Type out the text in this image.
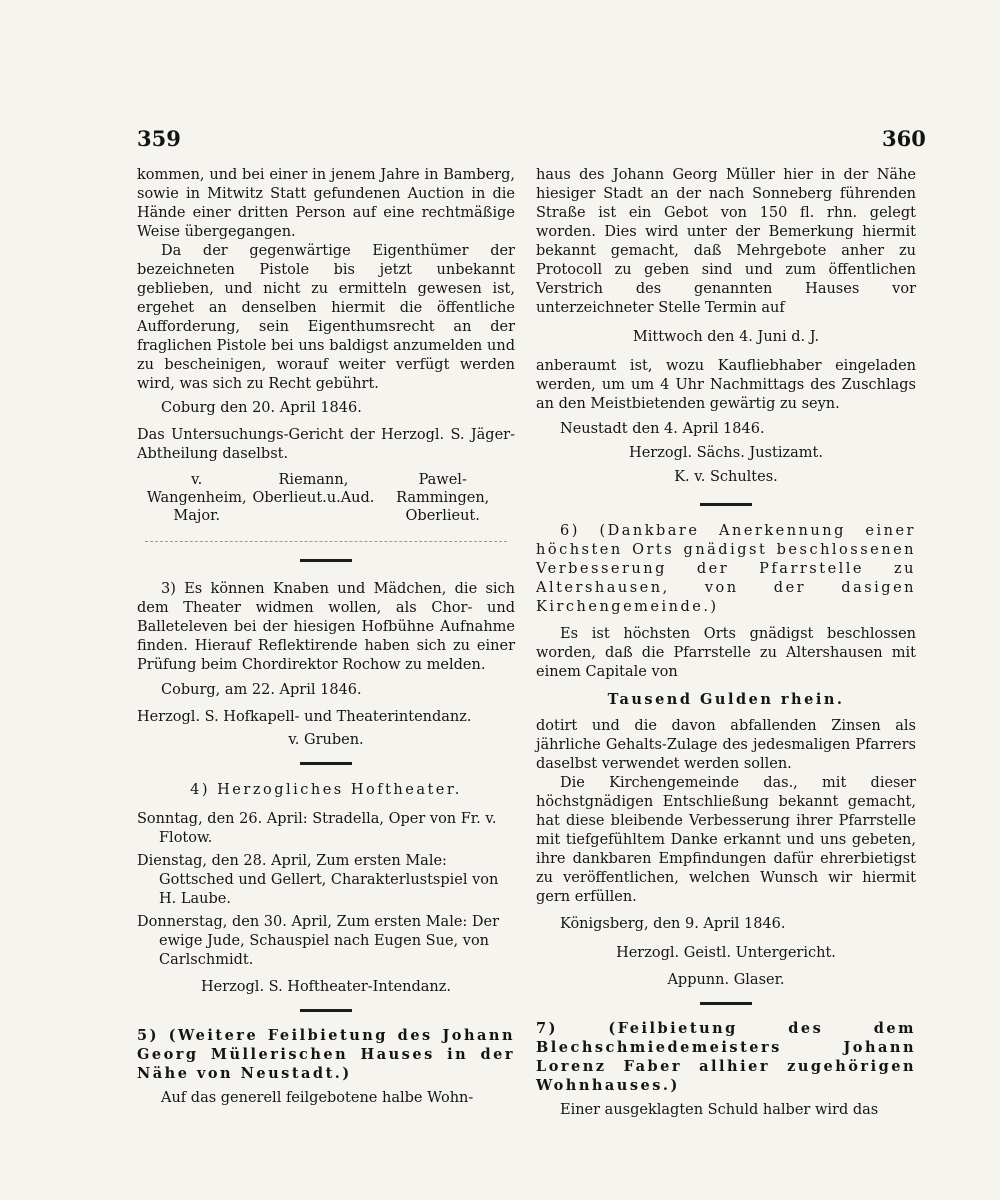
359	360

kommen, und bei einer in jenem Jahre in Bamberg, sowie in Mitwitz Statt gefundenen Auction in die Hände einer dritten Person auf eine rechtmäßige Weise übergegangen.

Da der gegenwärtige Eigenthümer der bezeichneten Pistole bis jetzt unbekannt geblieben, und nicht zu ermitteln gewesen ist, ergehet an denselben hiermit die öffentliche Aufforderung, sein Eigenthumsrecht an der fraglichen Pistole bei uns baldigst anzumelden und zu bescheinigen, worauf weiter verfügt werden wird, was sich zu Recht gebührt.

Coburg den 20. April 1846.

Das Untersuchungs-Gericht der Herzogl. S. Jäger-Abtheilung daselbst.

v. Wangenheim,
Major.
Riemann,
Oberlieut.u.Aud.
Pawel-Rammingen,
Oberlieut.

3) Es können Knaben und Mädchen, die sich dem Theater widmen wollen, als Chor- und Balleteleven bei der hiesigen Hofbühne Aufnahme finden. Hierauf Reflektirende haben sich zu einer Prüfung beim Chordirektor Rochow zu melden.

Coburg, am 22. April 1846.

Herzogl. S. Hofkapell- und Theaterintendanz.

v. Gruben.

4) Herzogliches Hoftheater.

Sonntag, den 26. April: Stradella, Oper von Fr. v. Flotow.

Dienstag, den 28. April, Zum ersten Male: Gottsched und Gellert, Charakterlustspiel von H. Laube.

Donnerstag, den 30. April, Zum ersten Male: Der ewige Jude, Schauspiel nach Eugen Sue, von Carlschmidt.

Herzogl. S. Hoftheater-Intendanz.

5) (Weitere Feilbietung des Johann Georg Müllerischen Hauses in der Nähe von Neustadt.)

Auf das generell feilgebotene halbe Wohn-

haus des Johann Georg Müller hier in der Nähe hiesiger Stadt an der nach Sonneberg führenden Straße ist ein Gebot von 150 fl. rhn. gelegt worden. Dies wird unter der Bemerkung hiermit bekannt gemacht, daß Mehrgebote anher zu Protocoll zu geben sind und zum öffentlichen Verstrich des genannten Hauses vor unterzeichneter Stelle Termin auf

Mittwoch den 4. Juni d. J.

anberaumt ist, wozu Kaufliebhaber eingeladen werden, um um 4 Uhr Nachmittags des Zuschlags an den Meistbietenden gewärtig zu seyn.

Neustadt den 4. April 1846.

Herzogl. Sächs. Justizamt.

K. v. Schultes.

6) (Dankbare Anerkennung einer höchsten Orts gnädigst beschlossenen Verbesserung der Pfarrstelle zu Altershausen, von der dasigen Kirchengemeinde.)

Es ist höchsten Orts gnädigst beschlossen worden, daß die Pfarrstelle zu Altershausen mit einem Capitale von

Tausend Gulden rhein.

dotirt und die davon abfallenden Zinsen als jährliche Gehalts-Zulage des jedesmaligen Pfarrers daselbst verwendet werden sollen.

Die Kirchengemeinde das., mit dieser höchstgnädigen Entschließung bekannt gemacht, hat diese bleibende Verbesserung ihrer Pfarrstelle mit tiefgefühltem Danke erkannt und uns gebeten, ihre dankbaren Empfindungen dafür ehrerbietigst zu veröffentlichen, welchen Wunsch wir hiermit gern erfüllen.

Königsberg, den 9. April 1846.

Herzogl. Geistl. Untergericht.

Appunn. Glaser.

7) (Feilbietung des dem Blechschmiedemeisters Johann Lorenz Faber allhier zugehörigen Wohnhauses.)

Einer ausgeklagten Schuld halber wird das
